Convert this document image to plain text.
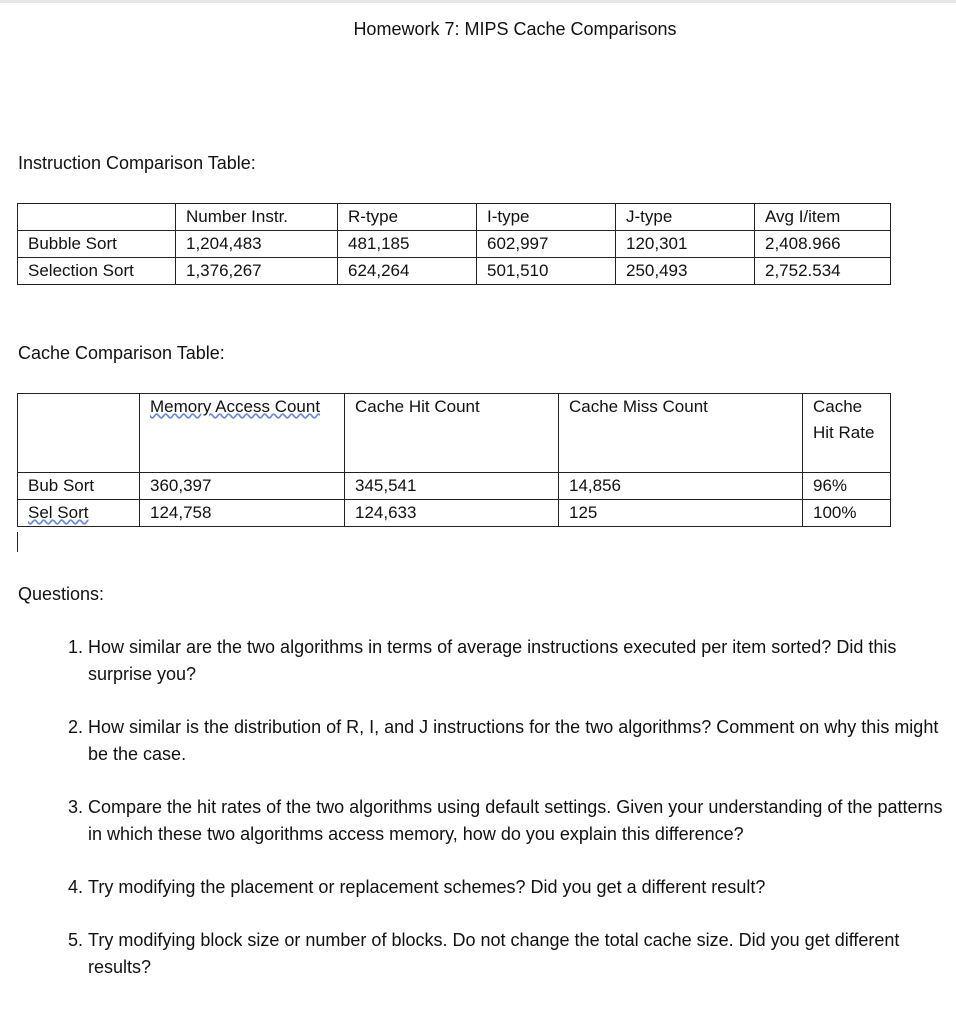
Homework 7: MIPS Cache Comparisons
Instruction Comparison Table:
	Number Instr.	R-type	I-type	J-type	Avg I/item
Bubble Sort	1,204,483	481,185	602,997	120,301	2,408.966
Selection Sort	1,376,267	624,264	501,510	250,493	2,752.534
Cache Comparison Table:
	Memory Access Count	Cache Hit Count	Cache Miss Count	Cache Hit Rate
Bub Sort	360,397	345,541	14,856	96%
Sel Sort	124,758	124,633	125	100%
Questions:
1. How similar are the two algorithms in terms of average instructions executed per item sorted? Did this surprise you?
2. How similar is the distribution of R, I, and J instructions for the two algorithms? Comment on why this might be the case.
3. Compare the hit rates of the two algorithms using default settings. Given your understanding of the patterns in which these two algorithms access memory, how do you explain this difference?
4. Try modifying the placement or replacement schemes? Did you get a different result?
5. Try modifying block size or number of blocks. Do not change the total cache size. Did you get different results?
